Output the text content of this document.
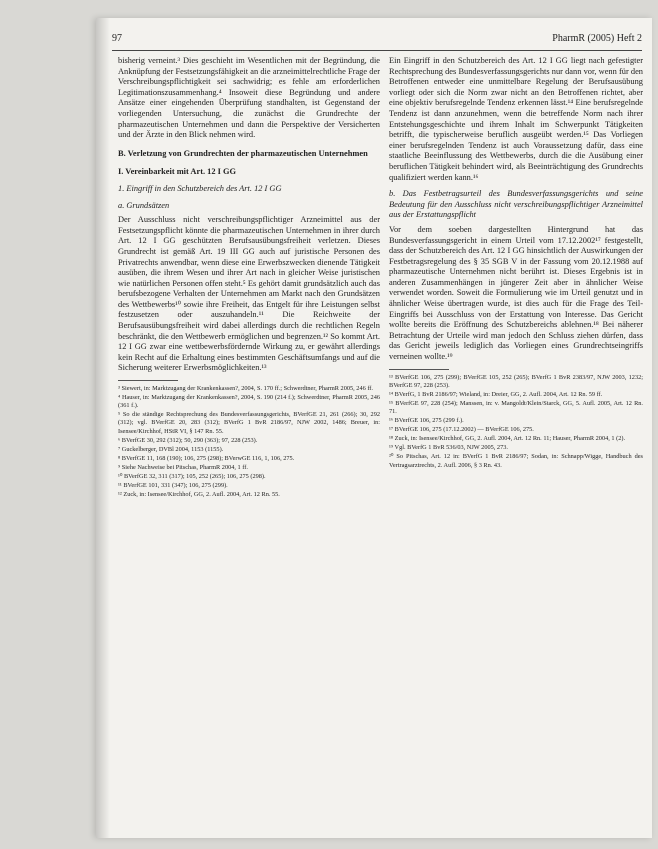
97	PharmR (2005) Heft 2

bisherig verneint.³ Dies geschieht im Wesentlichen mit der Begründung, die Anknüpfung der Festsetzungsfähigkeit an die arzneimittelrechtliche Frage der Verschreibungspflichtigkeit sei sachwidrig; es fehle am erforderlichen Legitimationszusammenhang.⁴ Insoweit diese Begründung und andere Ansätze einer eingehenden Überprüfung standhalten, ist Gegenstand der vorliegenden Untersuchung, die zunächst die Grundrechte der pharmazeutischen Unternehmen und dann die Perspektive der Versicherten und der Ärzte in den Blick nehmen wird.

B. Verletzung von Grundrechten der pharmazeutischen Unternehmen

I. Vereinbarkeit mit Art. 12 I GG

1. Eingriff in den Schutzbereich des Art. 12 I GG

a. Grundsätzen

Der Ausschluss nicht verschreibungspflichtiger Arzneimittel aus der Festsetzungspflicht könnte die pharmazeutischen Unternehmen in ihrer durch Art. 12 I GG geschützten Berufsausübungsfreiheit verletzen. Dieses Grundrecht ist gemäß Art. 19 III GG auch auf juristische Personen des Privatrechts anwendbar, wenn diese eine Erwerbszwecken dienende Tätigkeit ausüben, die ihrem Wesen und ihrer Art nach in gleicher Weise juristischen wie natürlichen Personen offen steht.⁵ Es gehört damit grundsätzlich auch das berufsbezogene Verhalten der Unternehmen am Markt nach den Grundsätzen des Wettbewerbs¹⁰ sowie ihre Freiheit, das Entgelt für ihre Leistungen selbst festzusetzen oder auszuhandeln.¹¹ Die Reichweite der Berufsausübungsfreiheit wird dabei allerdings durch die rechtlichen Regeln beschränkt, die den Wettbewerb ermöglichen und begrenzen.¹² So kommt Art. 12 I GG zwar eine wettbewerbsfördernde Wirkung zu, er gewährt allerdings kein Recht auf die Erhaltung eines bestimmten Geschäftsumfangs und auf die Sicherung weiterer Erwerbsmöglichkeiten.¹³

³ Siewert, in: Marktzugang der Krankenkassen?, 2004, S. 170 ff.; Schwerdtner, PharmR 2005, 246 ff.

⁴ Hauser, in: Marktzugang der Krankenkassen?, 2004, S. 190 (214 f.); Schwerdtner, PharmR 2005, 246 (361 f.).

⁵ So die ständige Rechtsprechung des Bundesverfassungsgerichts, BVerfGE 21, 261 (266); 30, 292 (312); vgl. BVerfGE 20, 283 (312); BVerfG 1 BvR 2186/97, NJW 2002, 1486; Breuer, in: Isensee/Kirchhof, HStR VI, § 147 Rn. 55.

⁶ BVerfGE 30, 292 (312); 50, 290 (363); 97, 228 (253).

⁷ Guckelberger, DVBl 2004, 1153 (1155).

⁸ BVerfGE 11, 168 (190); 106, 275 (298); BVerwGE 116, 1, 106, 275.

⁹ Siehe Nachweise bei Pitschas, PharmR 2004, 1 ff.

¹⁰ BVerfGE 32, 311 (317); 105, 252 (265); 106, 275 (298).

¹¹ BVerfGE 101, 331 (347); 106, 275 (299).

¹² Zuck, in: Isensee/Kirchhof, GG, 2. Aufl. 2004, Art. 12 Rn. 55.

Ein Eingriff in den Schutzbereich des Art. 12 I GG liegt nach gefestigter Rechtsprechung des Bundesverfassungsgerichts nur dann vor, wenn für den Betroffenen entweder eine unmittelbare Regelung der Berufsausübung vorliegt oder sich die Norm zwar nicht an den Betroffenen richtet, aber eine objektiv berufsregelnde Tendenz erkennen lässt.¹⁴ Eine berufsregelnde Tendenz ist dann anzunehmen, wenn die betreffende Norm nach ihrer Entstehungsgeschichte und ihrem Inhalt im Schwerpunkt Tätigkeiten betrifft, die typischerweise beruflich ausgeübt werden.¹⁵ Das Vorliegen einer berufsregelnden Tendenz ist auch Voraussetzung dafür, dass eine staatliche Beeinflussung des Wettbewerbs, durch die die Ausübung einer beruflichen Tätigkeit behindert wird, als Beeinträchtigung des Grundrechts qualifiziert werden kann.¹⁶

b. Das Festbetragsurteil des Bundesverfassungsgerichts und seine Bedeutung für den Ausschluss nicht verschreibungspflichtiger Arzneimittel aus der Erstattungspflicht

Vor dem soeben dargestellten Hintergrund hat das Bundesverfassungsgericht in einem Urteil vom 17.12.2002¹⁷ festgestellt, dass der Schutzbereich des Art. 12 I GG hinsichtlich der Auswirkungen der Festbetragsregelung des § 35 SGB V in der Fassung vom 20.12.1988 auf pharmazeutische Unternehmen nicht berührt ist. Dieses Ergebnis ist in anderen Zusammenhängen in jüngerer Zeit aber in ähnlicher Weise verwendet worden. Soweit die Formulierung wie im Urteil genutzt und in ähnlicher Weise übertragen wurde, ist dies auch für die Frage des Teil-Eingriffs bei Ausschluss von der Erstattung von Interesse. Das Gericht wollte bereits die Eröffnung des Schutzbereichs ablehnen.¹⁸ Bei näherer Betrachtung der Urteile wird man jedoch den Schluss ziehen dürfen, dass das Gericht jeweils lediglich das Vorliegen eines Grundrechtseingriffs verneinen wollte.¹⁹

¹³ BVerfGE 106, 275 (299); BVerfGE 105, 252 (265); BVerfG 1 BvR 2383/97, NJW 2003, 1232; BVerfGE 97, 228 (253).

¹⁴ BVerfG, 1 BvR 2186/97; Wieland, in: Dreier, GG, 2. Aufl. 2004, Art. 12 Rn. 59 ff.

¹⁵ BVerfGE 97, 228 (254); Manssen, in: v. Mangoldt/Klein/Starck, GG, 5. Aufl. 2005, Art. 12 Rn. 71.

¹⁶ BVerfGE 106, 275 (299 f.).

¹⁷ BVerfGE 106, 275 (17.12.2002) — BVerfGE 106, 275.

¹⁸ Zuck, in: Isensee/Kirchhof, GG, 2. Aufl. 2004, Art. 12 Rn. 11; Hauser, PharmR 2004, 1 (2).

¹⁹ Vgl. BVerfG 1 BvR 536/03, NJW 2005, 273.

²⁰ So Pitschas, Art. 12 in: BVerfG 1 BvR 2186/97; Sodan, in: Schnapp/Wigge, Handbuch des Vertragsarztrechts, 2. Aufl. 2006, § 3 Rn. 43.
